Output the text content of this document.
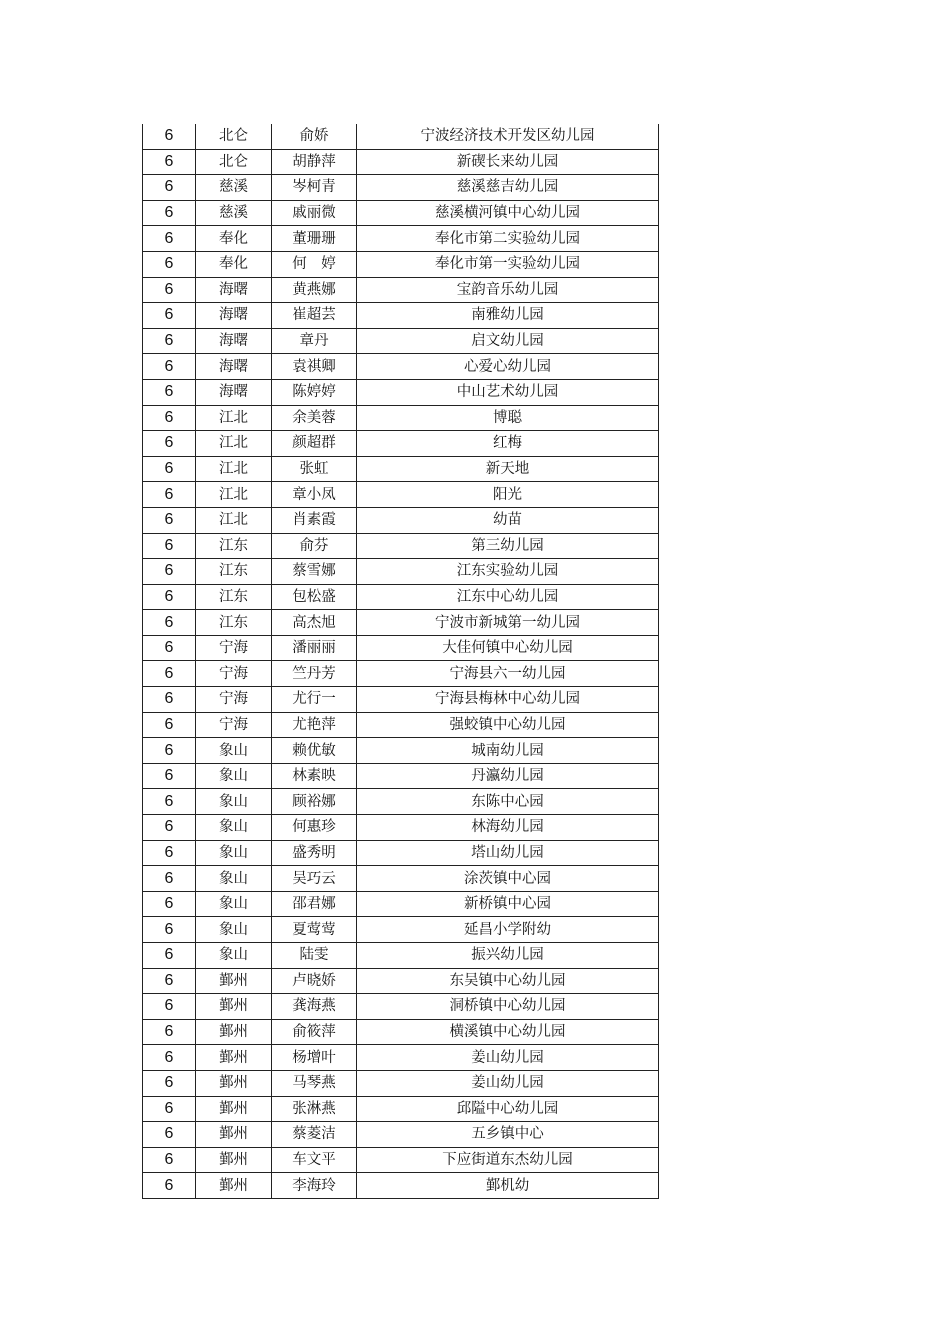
6	北仑	俞娇	宁波经济技术开发区幼儿园
6	北仑	胡静萍	新碶长来幼儿园
6	慈溪	岑柯青	慈溪慈吉幼儿园
6	慈溪	戚丽微	慈溪横河镇中心幼儿园
6	奉化	董珊珊	奉化市第二实验幼儿园
6	奉化	何　婷	奉化市第一实验幼儿园
6	海曙	黄燕娜	宝韵音乐幼儿园
6	海曙	崔超芸	南雅幼儿园
6	海曙	章丹	启文幼儿园
6	海曙	袁祺卿	心爱心幼儿园
6	海曙	陈婷婷	中山艺术幼儿园
6	江北	余美蓉	博聪
6	江北	颜超群	红梅
6	江北	张虹	新天地
6	江北	章小凤	阳光
6	江北	肖素霞	幼苗
6	江东	俞芬	第三幼儿园
6	江东	蔡雪娜	江东实验幼儿园
6	江东	包松盛	江东中心幼儿园
6	江东	高杰旭	宁波市新城第一幼儿园
6	宁海	潘丽丽	大佳何镇中心幼儿园
6	宁海	竺丹芳	宁海县六一幼儿园
6	宁海	尤行一	宁海县梅林中心幼儿园
6	宁海	尤艳萍	强蛟镇中心幼儿园
6	象山	赖优敏	城南幼儿园
6	象山	林素映	丹瀛幼儿园
6	象山	顾裕娜	东陈中心园
6	象山	何惠珍	林海幼儿园
6	象山	盛秀明	塔山幼儿园
6	象山	吴巧云	涂茨镇中心园
6	象山	邵君娜	新桥镇中心园
6	象山	夏莺莺	延昌小学附幼
6	象山	陆雯	振兴幼儿园
6	鄞州	卢晓娇	东吴镇中心幼儿园
6	鄞州	龚海燕	洞桥镇中心幼儿园
6	鄞州	俞筱萍	横溪镇中心幼儿园
6	鄞州	杨增叶	姜山幼儿园
6	鄞州	马琴燕	姜山幼儿园
6	鄞州	张淋燕	邱隘中心幼儿园
6	鄞州	蔡菱洁	五乡镇中心
6	鄞州	车文平	下应街道东杰幼儿园
6	鄞州	李海玲	鄞机幼
